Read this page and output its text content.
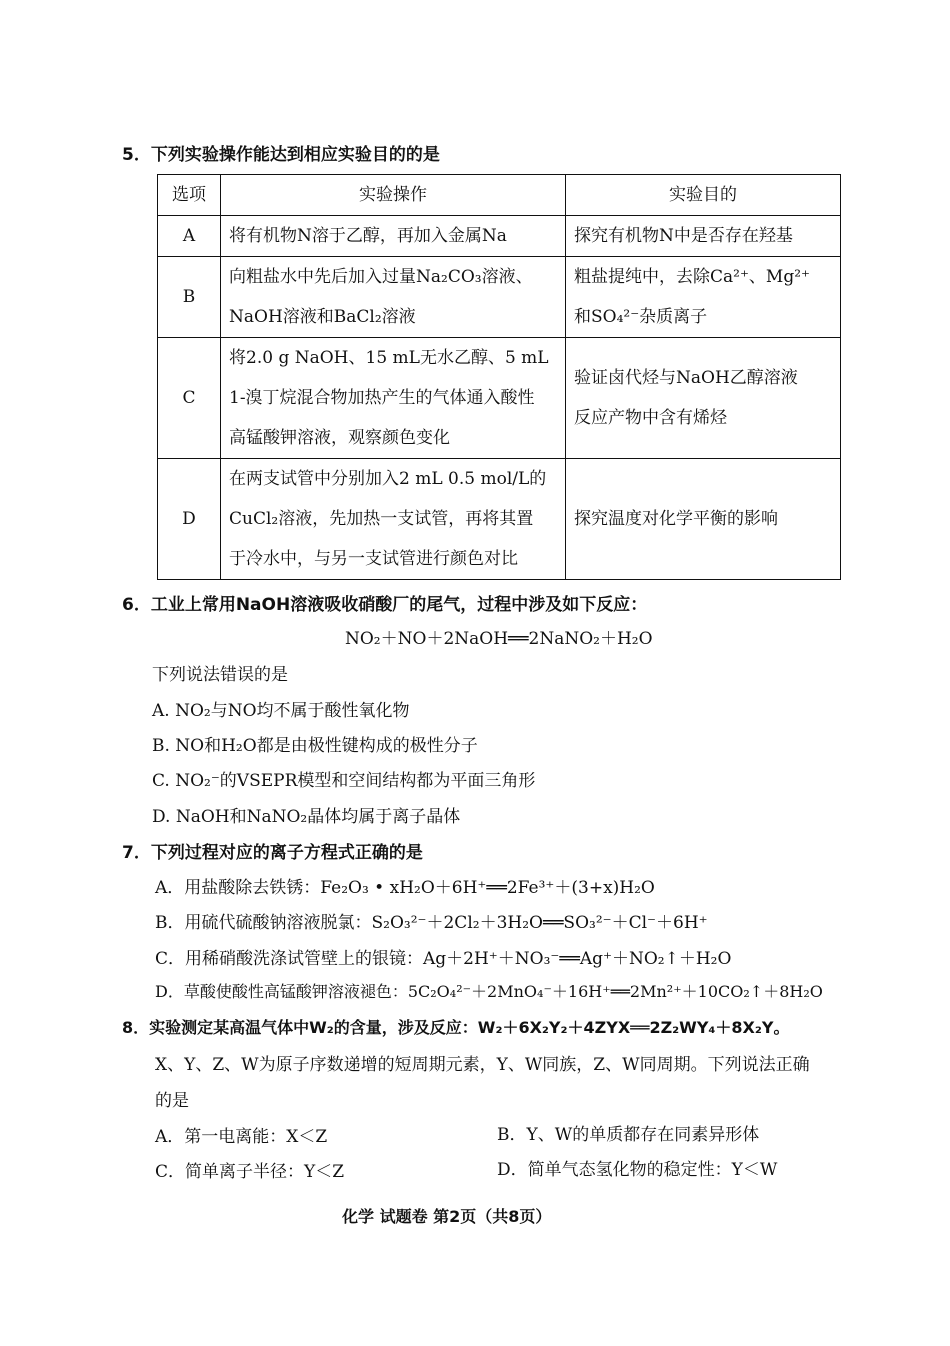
5．下列实验操作能达到相应实验目的的是
选项	实验操作	实验目的
A	将有机物N溶于乙醇，再加入金属Na	探究有机物N中是否存在羟基

B	向粗盐水中先后加入过量Na₂CO₃溶液、
NaOH溶液和BaCl₂溶液	粗盐提纯中，去除Ca²⁺、Mg²⁺
和SO₄²⁻杂质离子

C	将2.0 g NaOH、15 mL无水乙醇、5 mL
1-溴丁烷混合物加热产生的气体通入酸性
高锰酸钾溶液，观察颜色变化	验证卤代烃与NaOH乙醇溶液
反应产物中含有烯烃

D	在两支试管中分别加入2 mL 0.5 mol/L的
CuCl₂溶液，先加热一支试管，再将其置
于冷水中，与另一支试管进行颜色对比	探究温度对化学平衡的影响
6．工业上常用NaOH溶液吸收硝酸厂的尾气，过程中涉及如下反应：
NO₂＋NO＋2NaOH══2NaNO₂＋H₂O
下列说法错误的是
A. NO₂与NO均不属于酸性氧化物
B. NO和H₂O都是由极性键构成的极性分子
C. NO₂⁻的VSEPR模型和空间结构都为平面三角形
D. NaOH和NaNO₂晶体均属于离子晶体
7．下列过程对应的离子方程式正确的是
A．用盐酸除去铁锈：Fe₂O₃ • xH₂O＋6H⁺══2Fe³⁺＋(3+x)H₂O
B．用硫代硫酸钠溶液脱氯：S₂O₃²⁻＋2Cl₂＋3H₂O══SO₃²⁻＋Cl⁻＋6H⁺
C．用稀硝酸洗涤试管壁上的银镜：Ag＋2H⁺＋NO₃⁻══Ag⁺＋NO₂↑＋H₂O
D．草酸使酸性高锰酸钾溶液褪色：5C₂O₄²⁻＋2MnO₄⁻＋16H⁺══2Mn²⁺＋10CO₂↑＋8H₂O
8．实验测定某高温气体中W₂的含量，涉及反应：W₂＋6X₂Y₂＋4ZYX══2Z₂WY₄＋8X₂Y。
X、Y、Z、W为原子序数递增的短周期元素，Y、W同族，Z、W同周期。下列说法正确
的是
A．第一电离能：X＜Z	B．Y、W的单质都存在同素异形体
C．简单离子半径：Y＜Z	D．简单气态氢化物的稳定性：Y＜W
化学 试题卷 第2页（共8页）
